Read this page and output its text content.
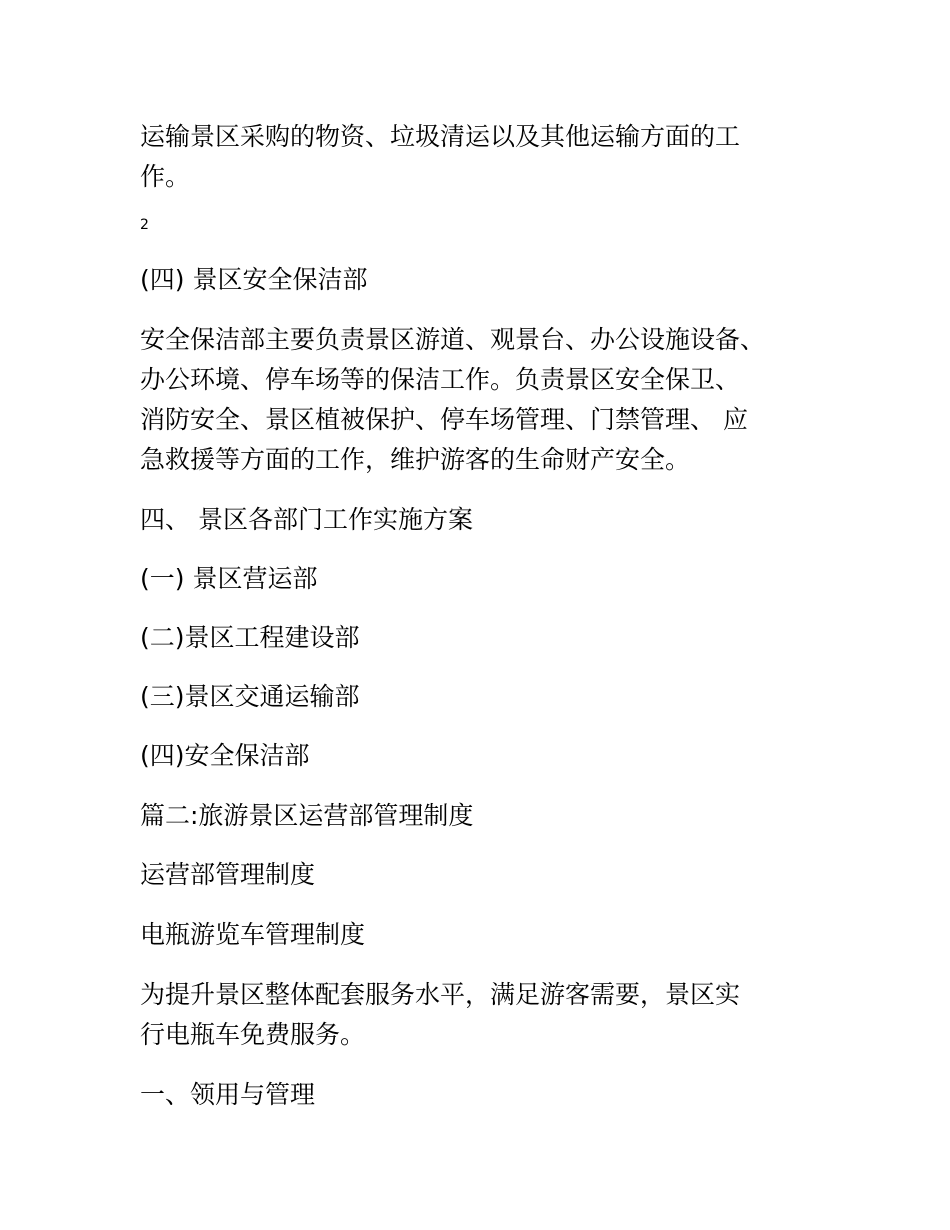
运输景区采购的物资、垃圾清运以及其他运输方面的工
作。

2

(四) 景区安全保洁部

安全保洁部主要负责景区游道、观景台、办公设施设备、
办公环境、停车场等的保洁工作。负责景区安全保卫、
消防安全、景区植被保护、停车场管理、门禁管理、 应
急救援等方面的工作，维护游客的生命财产安全。

四、 景区各部门工作实施方案

(一) 景区营运部

(二)景区工程建设部

(三)景区交通运输部

(四)安全保洁部

篇二:旅游景区运营部管理制度

运营部管理制度

电瓶游览车管理制度

为提升景区整体配套服务水平，满足游客需要，景区实
行电瓶车免费服务。

一、领用与管理
